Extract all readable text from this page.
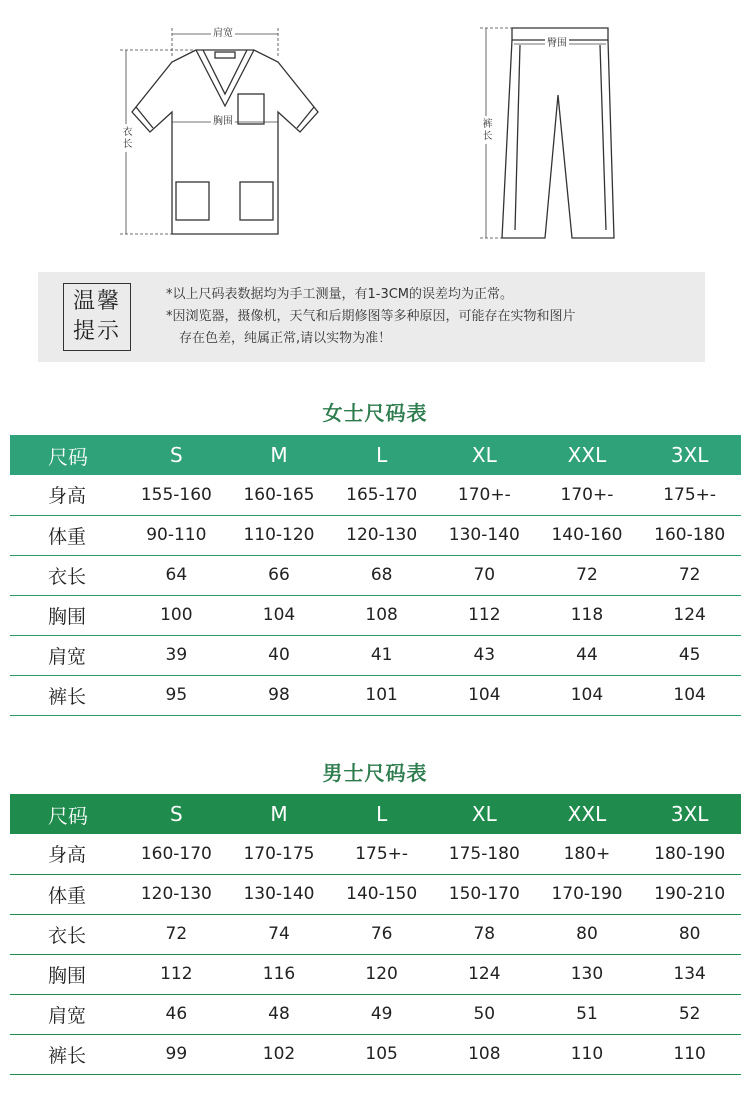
肩宽
胸围
衣长
臀围
裤长
温馨
提示
*以上尺码表数据均为手工测量，有1-3CM的误差均为正常。
*因浏览器，摄像机，天气和后期修图等多种原因，可能存在实物和图片
存在色差，纯属正常,请以实物为准！
女士尺码表
尺码	S	M	L	XL	XXL	3XL
身高	155-160	160-165	165-170	170+-	170+-	175+-
体重	90-110	110-120	120-130	130-140	140-160	160-180
衣长	64	66	68	70	72	72
胸围	100	104	108	112	118	124
肩宽	39	40	41	43	44	45
裤长	95	98	101	104	104	104
男士尺码表
尺码	S	M	L	XL	XXL	3XL
身高	160-170	170-175	175+-	175-180	180+	180-190
体重	120-130	130-140	140-150	150-170	170-190	190-210
衣长	72	74	76	78	80	80
胸围	112	116	120	124	130	134
肩宽	46	48	49	50	51	52
裤长	99	102	105	108	110	110
